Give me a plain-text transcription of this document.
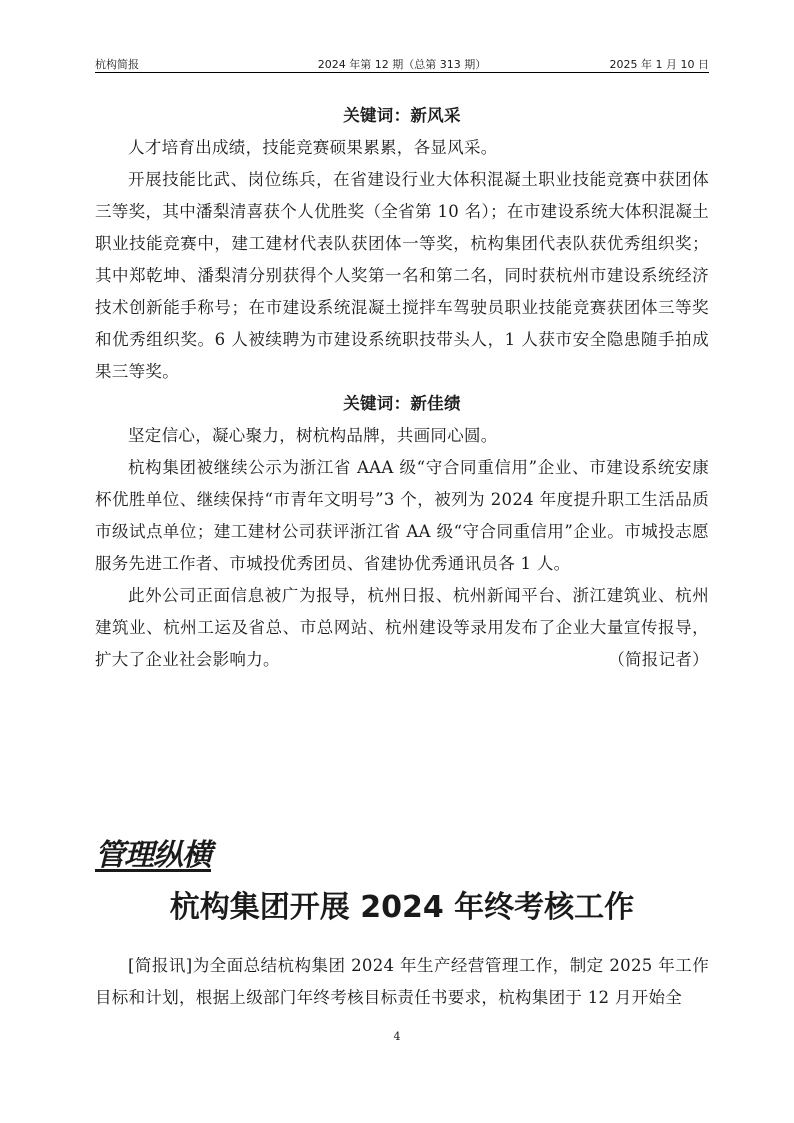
杭构简报	2024 年第 12 期（总第 313 期）	2025 年 1 月 10 日

关键词：新风采

人才培育出成绩，技能竞赛硕果累累，各显风采。

开展技能比武、岗位练兵，在省建设行业大体积混凝土职业技能竞赛中获团体三等奖，其中潘梨清喜获个人优胜奖（全省第 10 名）；在市建设系统大体积混凝土职业技能竞赛中，建工建材代表队获团体一等奖，杭构集团代表队获优秀组织奖；其中郑乾坤、潘梨清分别获得个人奖第一名和第二名，同时获杭州市建设系统经济技术创新能手称号；在市建设系统混凝土搅拌车驾驶员职业技能竞赛获团体三等奖和优秀组织奖。6 人被续聘为市建设系统职技带头人，1 人获市安全隐患随手拍成果三等奖。

关键词：新佳绩

坚定信心，凝心聚力，树杭构品牌，共画同心圆。

杭构集团被继续公示为浙江省 AAA 级“守合同重信用”企业、市建设系统安康杯优胜单位、继续保持“市青年文明号”3 个，被列为 2024 年度提升职工生活品质市级试点单位；建工建材公司获评浙江省 AA 级“守合同重信用”企业。市城投志愿服务先进工作者、市城投优秀团员、省建协优秀通讯员各 1 人。

此外公司正面信息被广为报导，杭州日报、杭州新闻平台、浙江建筑业、杭州建筑业、杭州工运及省总、市总网站、杭州建设等录用发布了企业大量宣传报导，扩大了企业社会影响力。	（简报记者）

管理纵横
杭构集团开展 2024 年终考核工作

[简报讯]为全面总结杭构集团 2024 年生产经营管理工作，制定 2025 年工作目标和计划，根据上级部门年终考核目标责任书要求，杭构集团于 12 月开始全

4
